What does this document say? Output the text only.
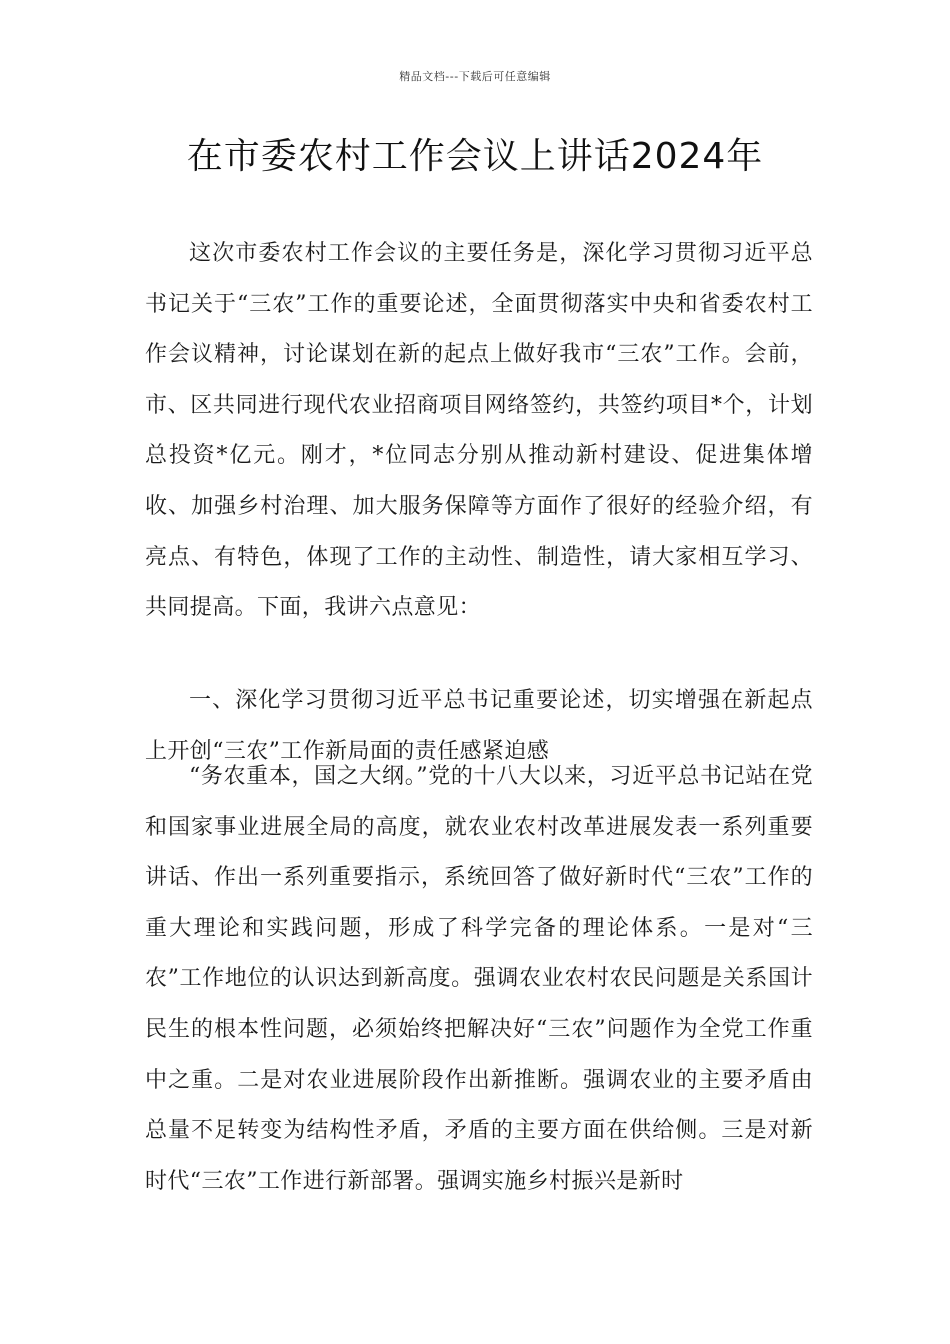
精品文档---下载后可任意编辑
在市委农村工作会议上讲话2024年

这次市委农村工作会议的主要任务是，深化学习贯彻习近平总书记关于“三农”工作的重要论述，全面贯彻落实中央和省委农村工作会议精神，讨论谋划在新的起点上做好我市“三农”工作。会前，市、区共同进行现代农业招商项目网络签约，共签约项目*个，计划总投资*亿元。刚才，*位同志分别从推动新村建设、促进集体增收、加强乡村治理、加大服务保障等方面作了很好的经验介绍，有亮点、有特色，体现了工作的主动性、制造性，请大家相互学习、共同提高。下面，我讲六点意见：

一、深化学习贯彻习近平总书记重要论述，切实增强在新起点上开创“三农”工作新局面的责任感紧迫感

“务农重本，国之大纲。”党的十八大以来，习近平总书记站在党和国家事业进展全局的高度，就农业农村改革进展发表一系列重要讲话、作出一系列重要指示，系统回答了做好新时代“三农”工作的重大理论和实践问题，形成了科学完备的理论体系。一是对“三农”工作地位的认识达到新高度。强调农业农村农民问题是关系国计民生的根本性问题，必须始终把解决好“三农”问题作为全党工作重中之重。二是对农业进展阶段作出新推断。强调农业的主要矛盾由总量不足转变为结构性矛盾，矛盾的主要方面在供给侧。三是对新时代“三农”工作进行新部署。强调实施乡村振兴是新时
